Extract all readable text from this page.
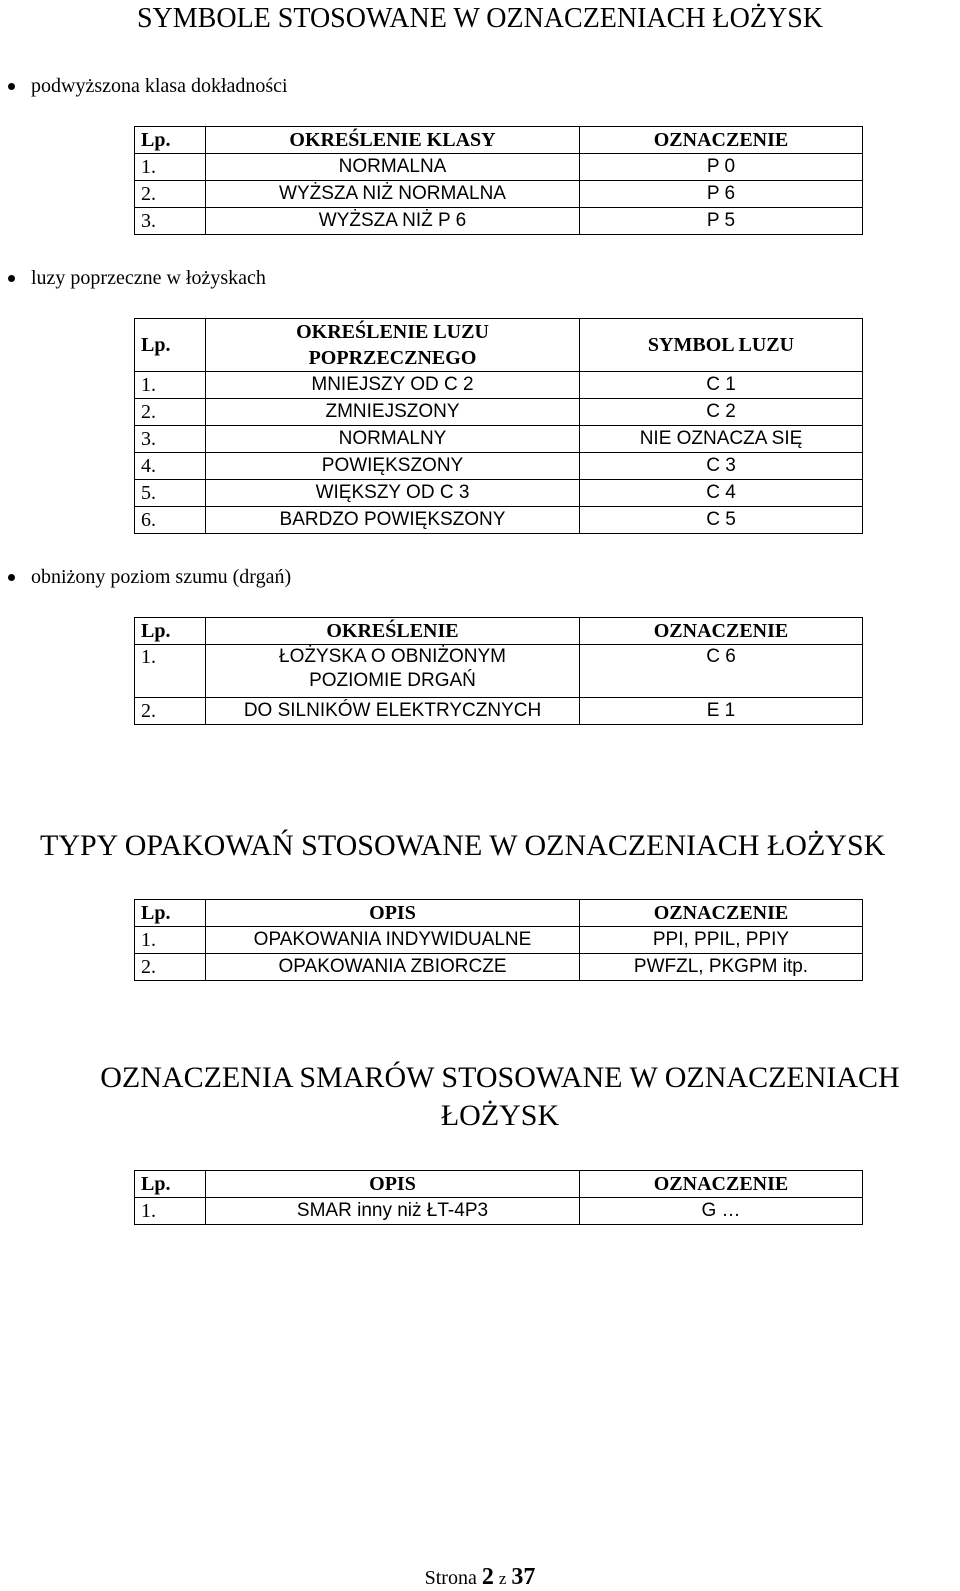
SYMBOLE STOSOWANE W OZNACZENIACH ŁOŻYSK
podwyższona klasa dokładności
Lp.	OKREŚLENIE KLASY	OZNACZENIE
1.	NORMALNA	P 0
2.	WYŻSZA NIŻ NORMALNA	P 6
3.	WYŻSZA NIŻ P 6	P 5
luzy poprzeczne w łożyskach
Lp.	OKREŚLENIE LUZU POPRZECZNEGO	SYMBOL LUZU
1.	MNIEJSZY OD C 2	C 1
2.	ZMNIEJSZONY	C 2
3.	NORMALNY	NIE OZNACZA SIĘ
4.	POWIĘKSZONY	C 3
5.	WIĘKSZY OD C 3	C 4
6.	BARDZO POWIĘKSZONY	C 5
obniżony poziom szumu (drgań)
Lp.	OKREŚLENIE	OZNACZENIE
1.	ŁOŻYSKA O OBNIŻONYM POZIOMIE DRGAŃ	C 6
2.	DO SILNIKÓW ELEKTRYCZNYCH	E 1
TYPY OPAKOWAŃ STOSOWANE W OZNACZENIACH ŁOŻYSK
Lp.	OPIS	OZNACZENIE
1.	OPAKOWANIA INDYWIDUALNE	PPI, PPIL, PPIY
2.	OPAKOWANIA ZBIORCZE	PWFZL, PKGPM itp.
OZNACZENIA SMARÓW STOSOWANE W OZNACZENIACH ŁOŻYSK
Lp.	OPIS	OZNACZENIE
1.	SMAR inny niż ŁT-4P3	G …
Strona 2 z 37
